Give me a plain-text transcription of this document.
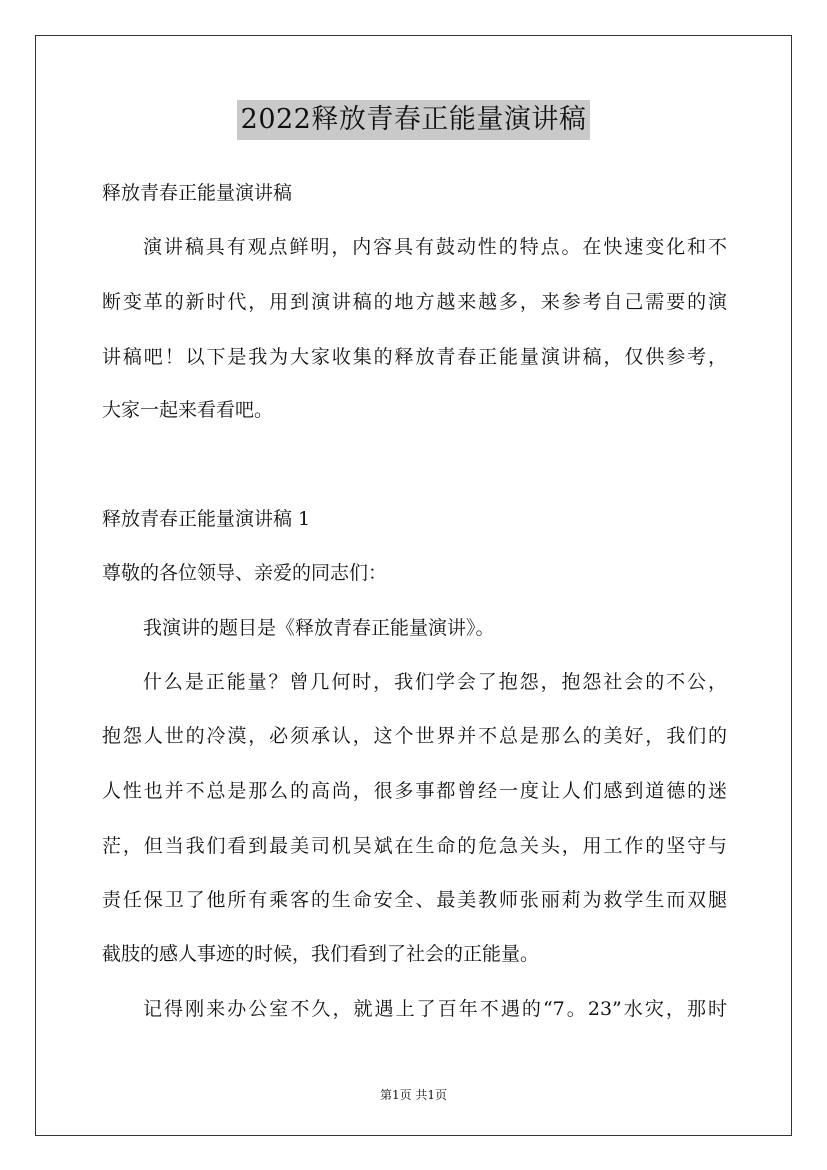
2022释放青春正能量演讲稿
释放青春正能量演讲稿
演讲稿具有观点鲜明，内容具有鼓动性的特点。在快速变化和不
断变革的新时代，用到演讲稿的地方越来越多，来参考自己需要的演
讲稿吧！以下是我为大家收集的释放青春正能量演讲稿，仅供参考，
大家一起来看看吧。
释放青春正能量演讲稿 1
尊敬的各位领导、亲爱的同志们：
我演讲的题目是《释放青春正能量演讲》。
什么是正能量？曾几何时，我们学会了抱怨，抱怨社会的不公，
抱怨人世的冷漠，必须承认，这个世界并不总是那么的美好，我们的
人性也并不总是那么的高尚，很多事都曾经一度让人们感到道德的迷
茫，但当我们看到最美司机吴斌在生命的危急关头，用工作的坚守与
责任保卫了他所有乘客的生命安全、最美教师张丽莉为救学生而双腿
截肢的感人事迹的时候，我们看到了社会的正能量。
记得刚来办公室不久，就遇上了百年不遇的“7。23”水灾，那时
第1页 共1页
